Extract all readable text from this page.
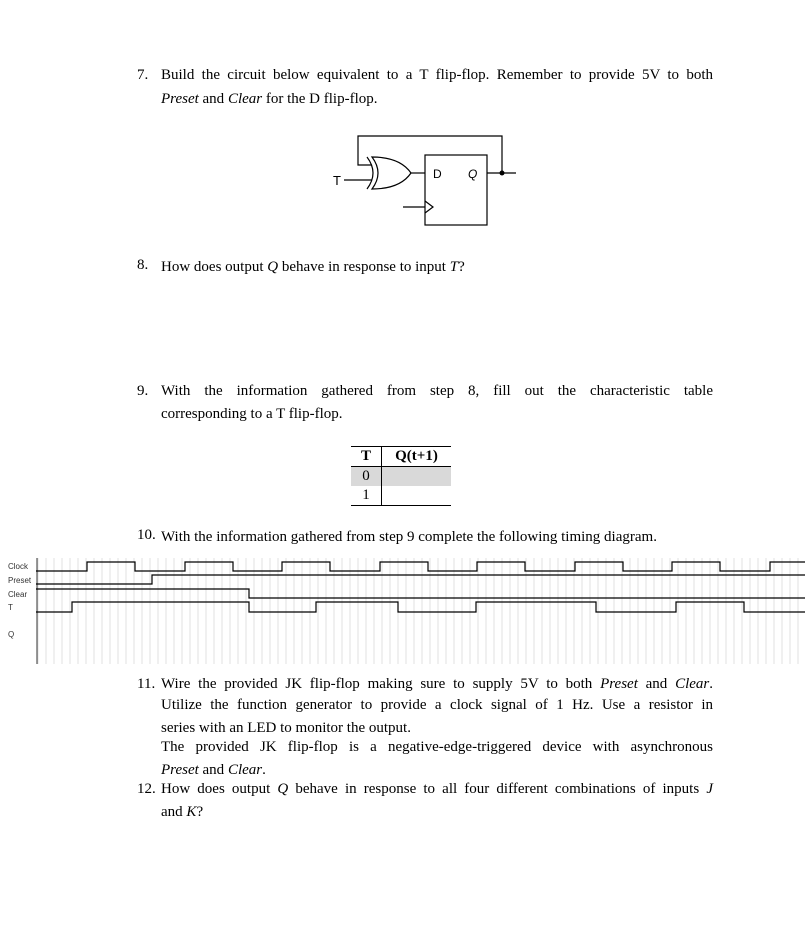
7. Build the circuit below equivalent to a T flip-flop. Remember to provide 5V to both
Preset and Clear for the D flip-flop.
T	D Q
8. How does output Q behave in response to input T?
9. With the information gathered from step 8, fill out the characteristic table
corresponding to a T flip-flop.
T	Q(t+1)
0	
1	
10. With the information gathered from step 9 complete the following timing diagram.
Clock
Preset
Clear
T
Q
11. Wire the provided JK flip-flop making sure to supply 5V to both Preset and Clear.
Utilize the function generator to provide a clock signal of 1 Hz. Use a resistor in
series with an LED to monitor the output.
The provided JK flip-flop is a negative-edge-triggered device with asynchronous
Preset and Clear.
12. How does output Q behave in response to all four different combinations of inputs J
and K?
